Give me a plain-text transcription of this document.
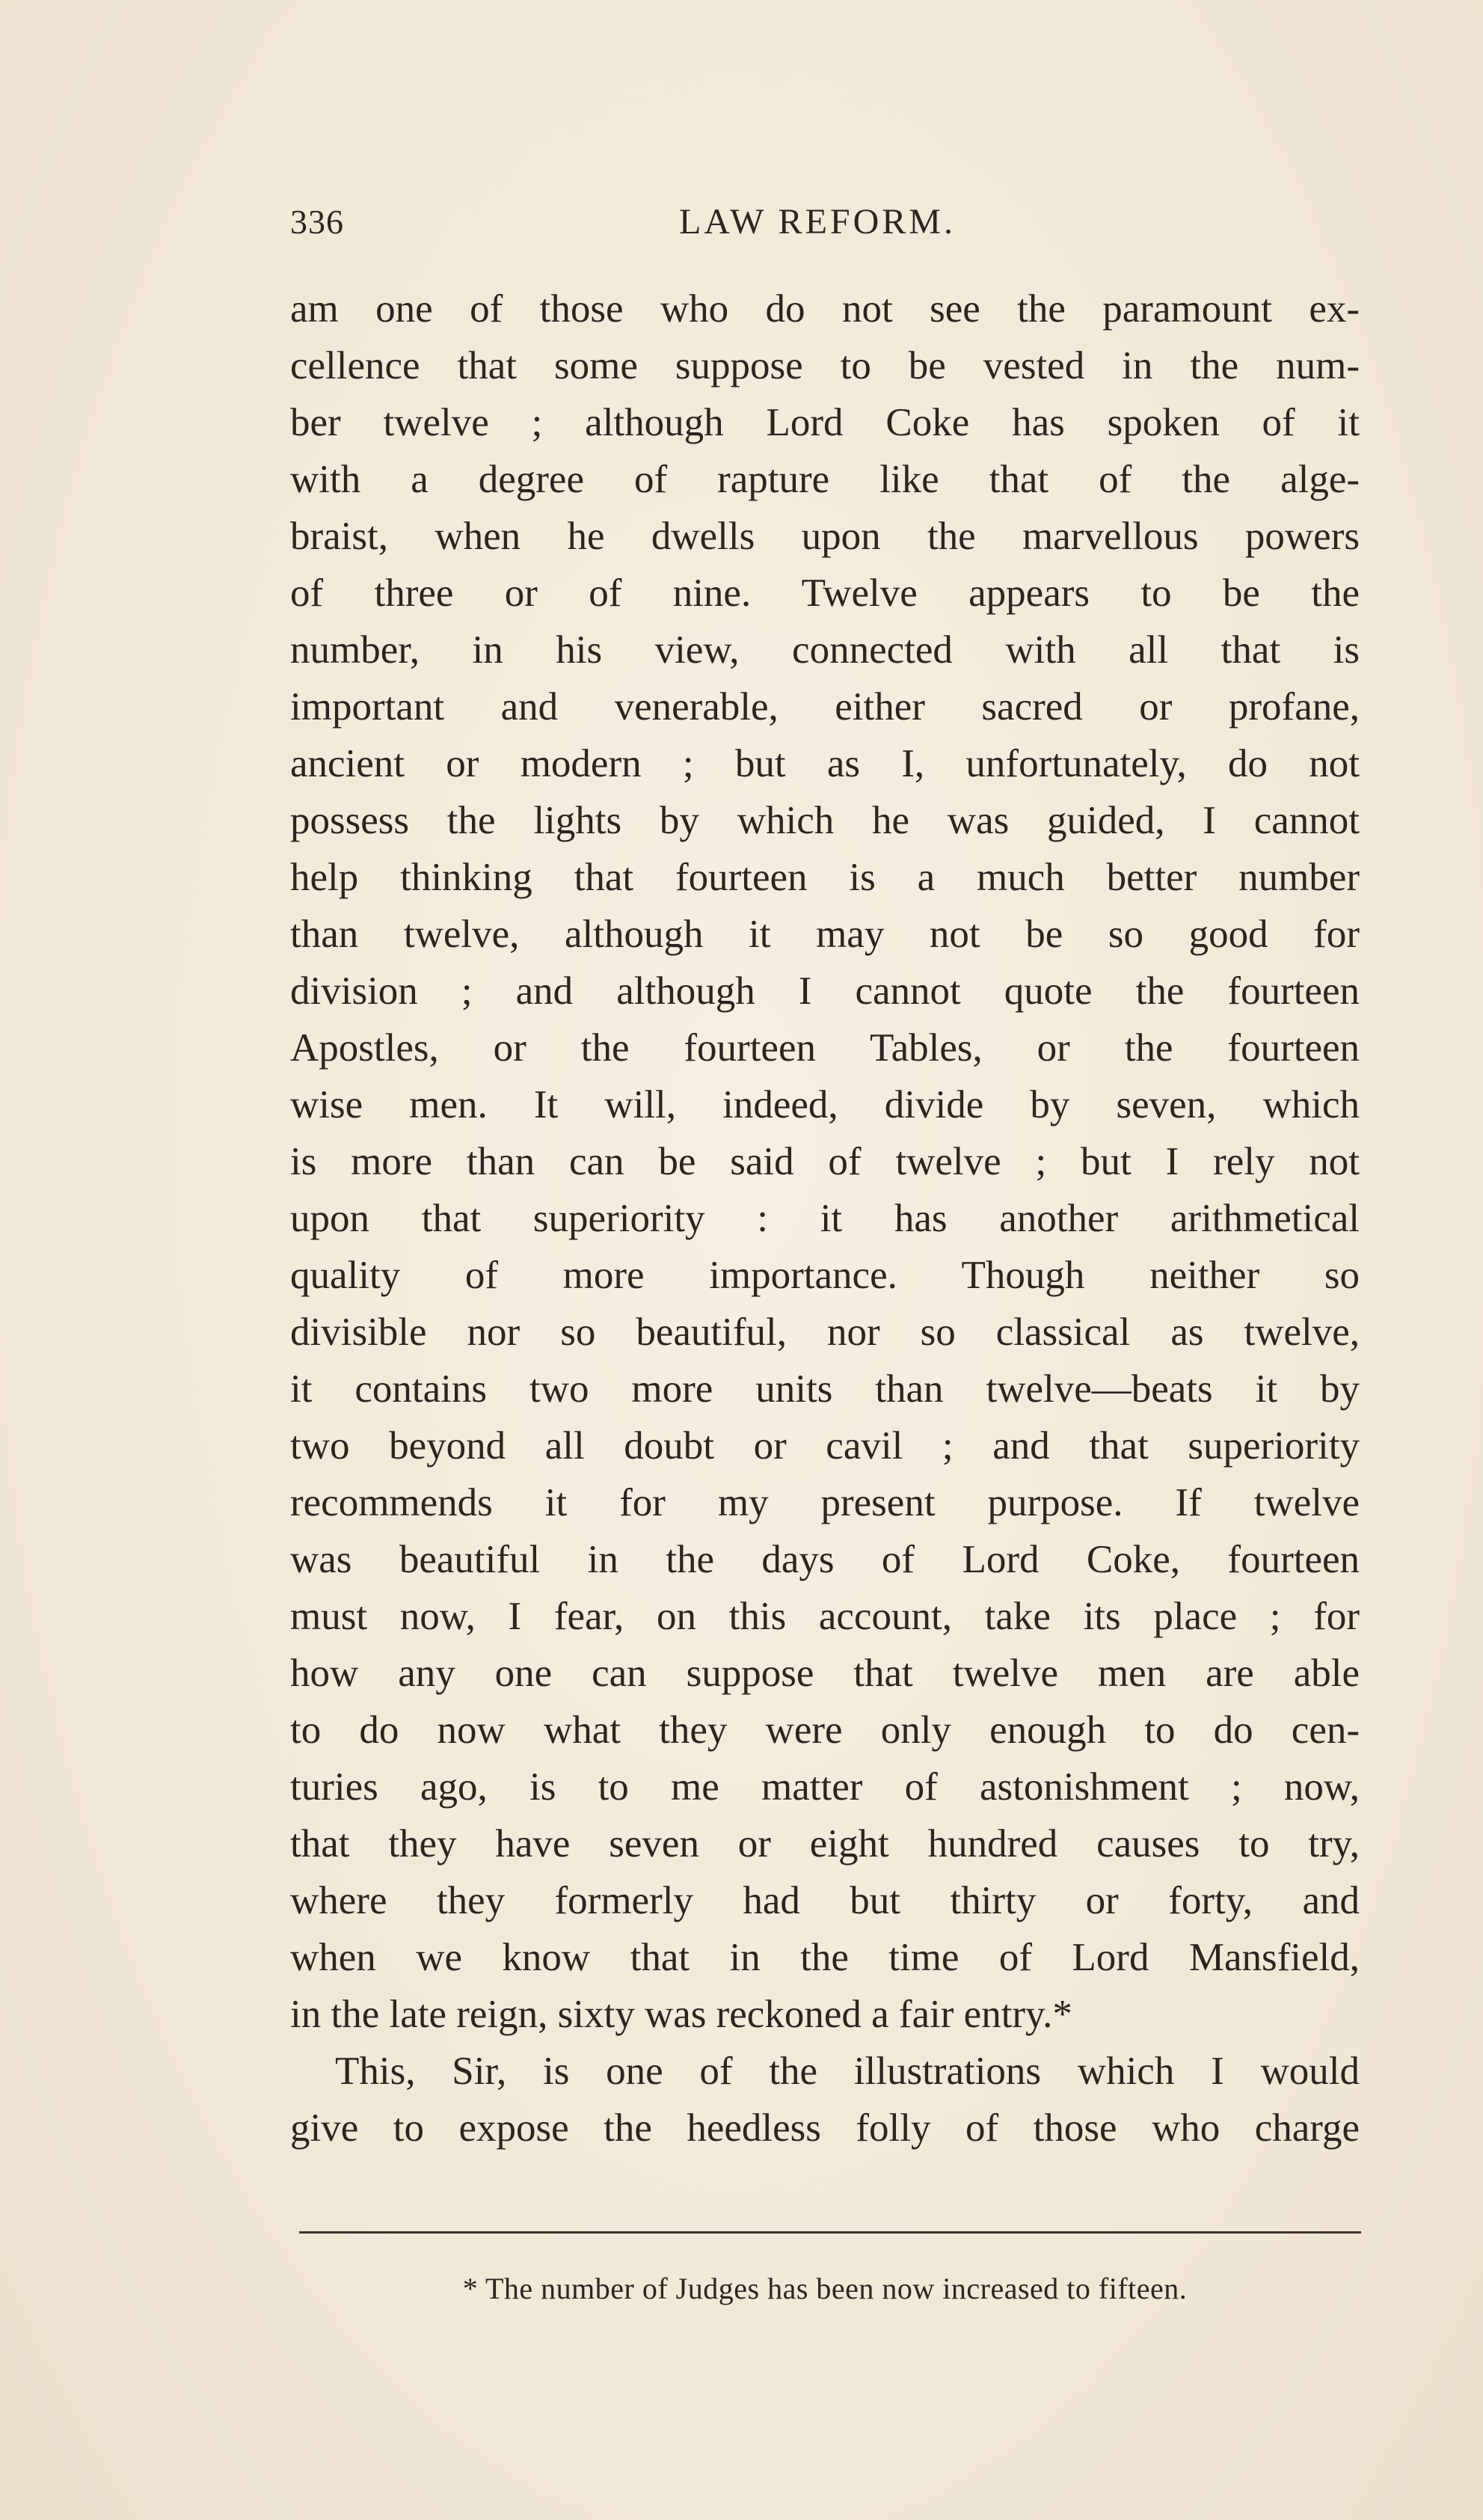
336	LAW REFORM.
am one of those who do not see the paramount ex-
cellence that some suppose to be vested in the num-
ber twelve ; although Lord Coke has spoken of it
with a degree of rapture like that of the alge-
braist, when he dwells upon the marvellous powers
of three or of nine. Twelve appears to be the
number, in his view, connected with all that is
important and venerable, either sacred or profane,
ancient or modern ; but as I, unfortunately, do not
possess the lights by which he was guided, I cannot
help thinking that fourteen is a much better number
than twelve, although it may not be so good for
division ; and although I cannot quote the fourteen
Apostles, or the fourteen Tables, or the fourteen
wise men. It will, indeed, divide by seven, which
is more than can be said of twelve ; but I rely not
upon that superiority : it has another arithmetical
quality of more importance. Though neither so
divisible nor so beautiful, nor so classical as twelve,
it contains two more units than twelve—beats it by
two beyond all doubt or cavil ; and that superiority
recommends it for my present purpose. If twelve
was beautiful in the days of Lord Coke, fourteen
must now, I fear, on this account, take its place ; for
how any one can suppose that twelve men are able
to do now what they were only enough to do cen-
turies ago, is to me matter of astonishment ; now,
that they have seven or eight hundred causes to try,
where they formerly had but thirty or forty, and
when we know that in the time of Lord Mansfield,
in the late reign, sixty was reckoned a fair entry.*
This, Sir, is one of the illustrations which I would
give to expose the heedless folly of those who charge
* The number of Judges has been now increased to fifteen.
